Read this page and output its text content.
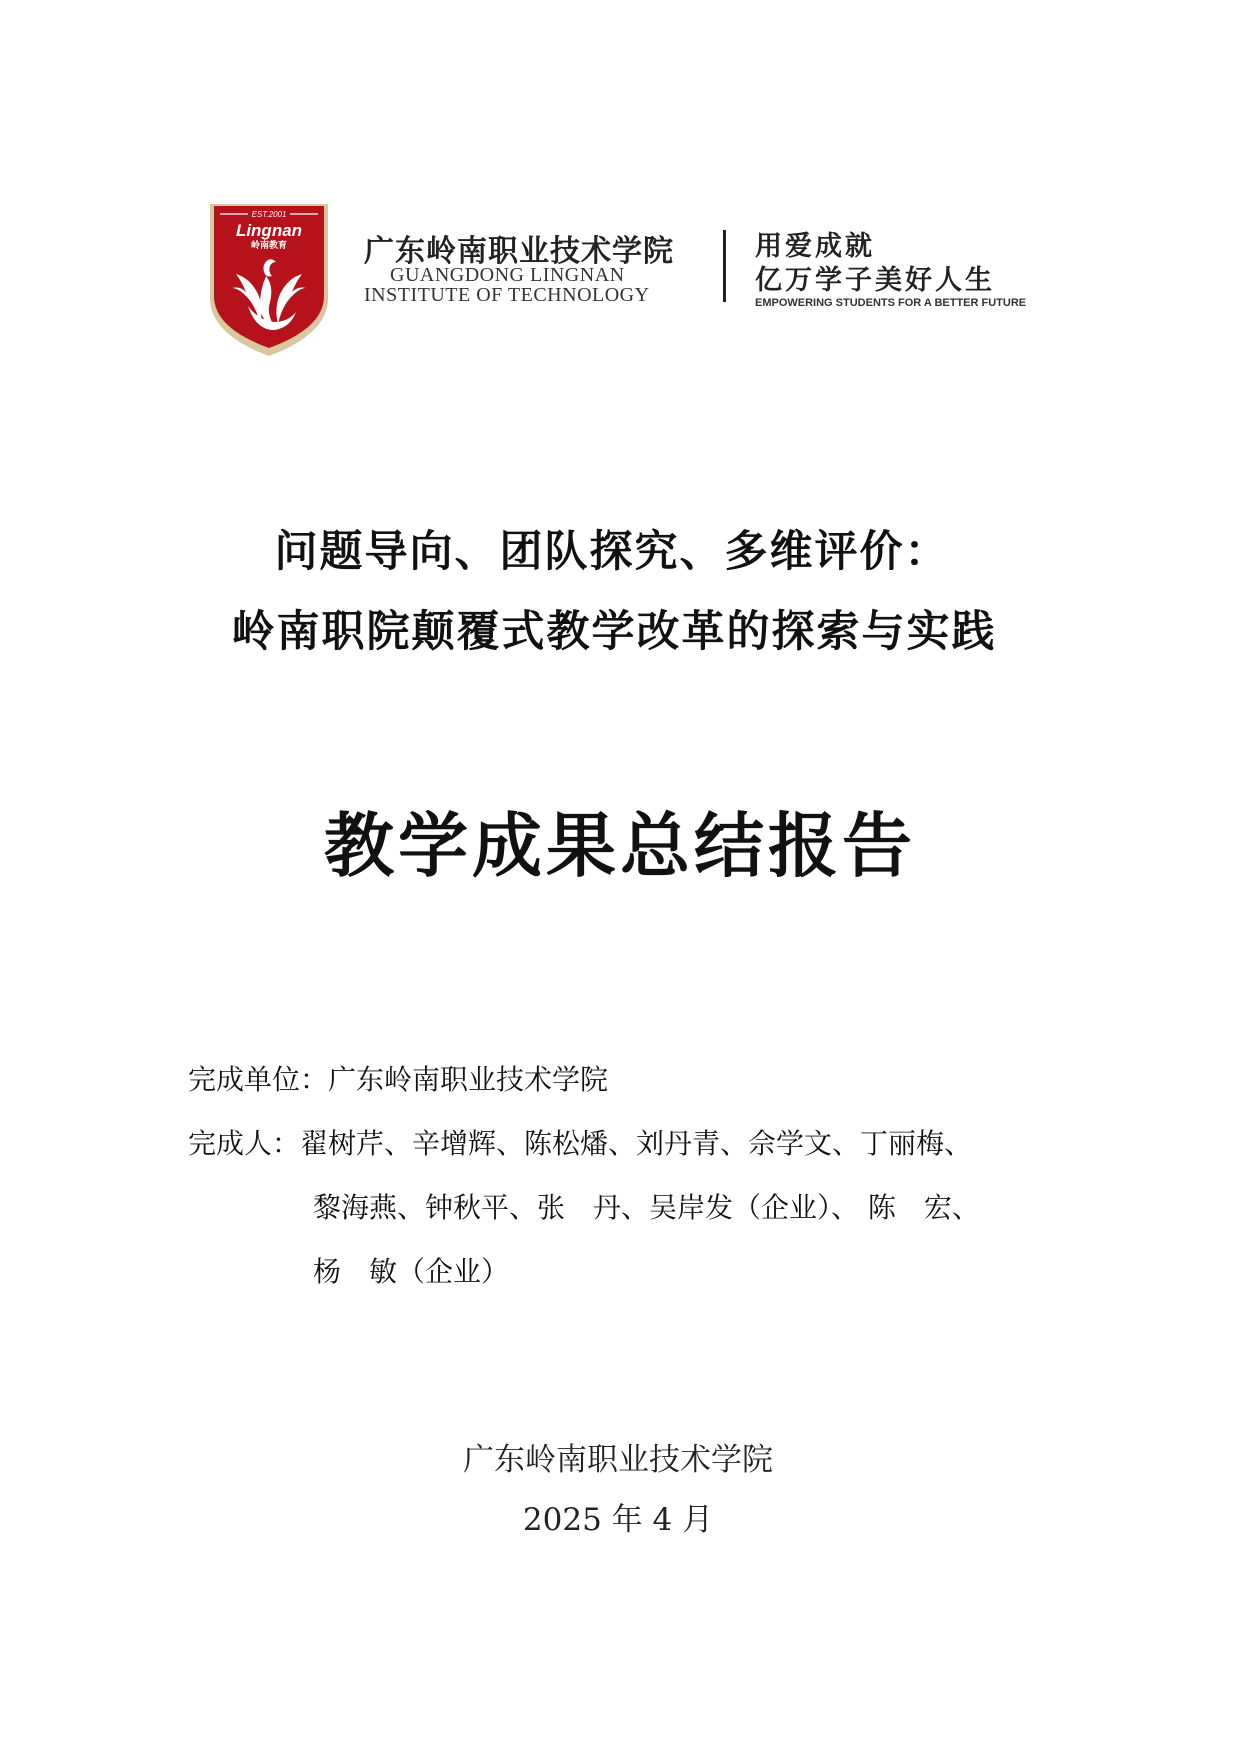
EST.2001
Lingnan
岭南教育	广东岭南职业技术学院
GUANGDONG LINGNAN
INSTITUTE OF TECHNOLOGY
用爱成就
亿万学子美好人生
EMPOWERING STUDENTS FOR A BETTER FUTURE
问题导向、团队探究、多维评价：
岭南职院颠覆式教学改革的探索与实践
教学成果总结报告
完成单位：广东岭南职业技术学院
完成人：翟树芹、辛增辉、陈松燔、刘丹青、佘学文、丁丽梅、
黎海燕、钟秋平、张　丹、吴岸发（企业）、 陈　宏、
杨　敏（企业）
广东岭南职业技术学院
2025 年 4 月
